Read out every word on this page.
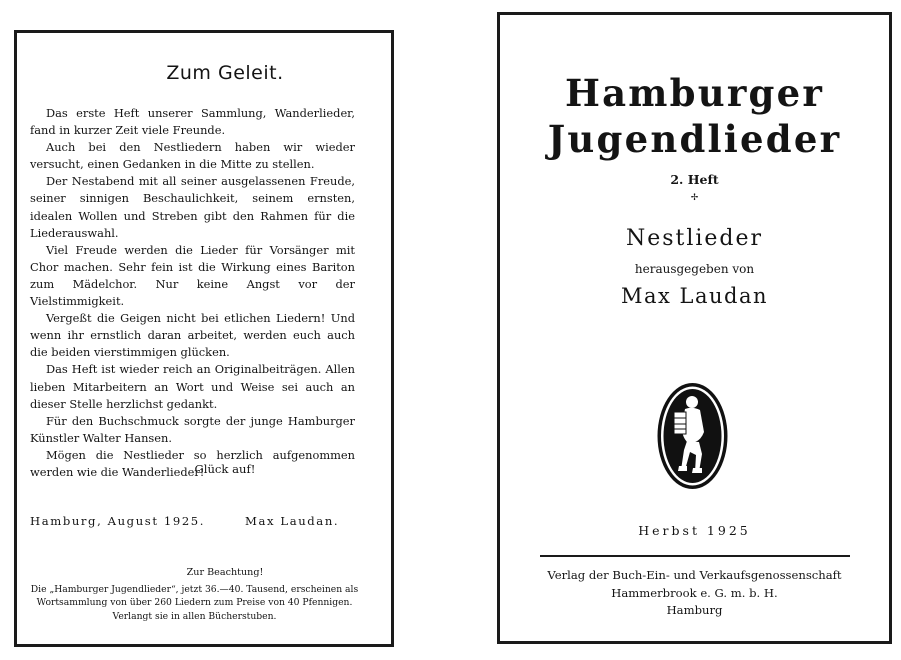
Zum Geleit.

Das erste Heft unserer Sammlung, Wanderlieder, fand in kurzer Zeit viele Freunde.

Auch bei den Nestliedern haben wir wieder versucht, einen Gedanken in die Mitte zu stellen.

Der Nestabend mit all seiner ausgelassenen Freude, seiner sinnigen Beschaulichkeit, seinem ernsten, idealen Wollen und Streben gibt den Rahmen für die Liederauswahl.

Viel Freude werden die Lieder für Vorsänger mit Chor machen. Sehr fein ist die Wirkung eines Bariton zum Mädelchor. Nur keine Angst vor der Vielstimmigkeit.

Vergeßt die Geigen nicht bei etlichen Liedern! Und wenn ihr ernstlich daran arbeitet, werden euch auch die beiden vierstimmigen glücken.

Das Heft ist wieder reich an Originalbeiträgen. Allen lieben Mitarbeitern an Wort und Weise sei auch an dieser Stelle herzlichst gedankt.

Für den Buchschmuck sorgte der junge Hamburger Künstler Walter Hansen.

Mögen die Nestlieder so herzlich aufgenommen werden wie die Wanderlieder!

Glück auf!
Hamburg, August 1925.	Max Laudan.
Zur Beachtung!
Die „Hamburger Jugendlieder“, jetzt 36.—40. Tausend, erscheinen als Wortsammlung von über 260 Liedern zum Preise von 40 Pfennigen. Verlangt sie in allen Bücherstuben.
Hamburger
Jugendlieder
2. Heft
✢
Nestlieder
herausgegeben von
Max Laudan
Herbst 1925
Verlag der Buch-Ein- und Verkaufsgenossenschaft
Hammerbrook e. G. m. b. H.
Hamburg
